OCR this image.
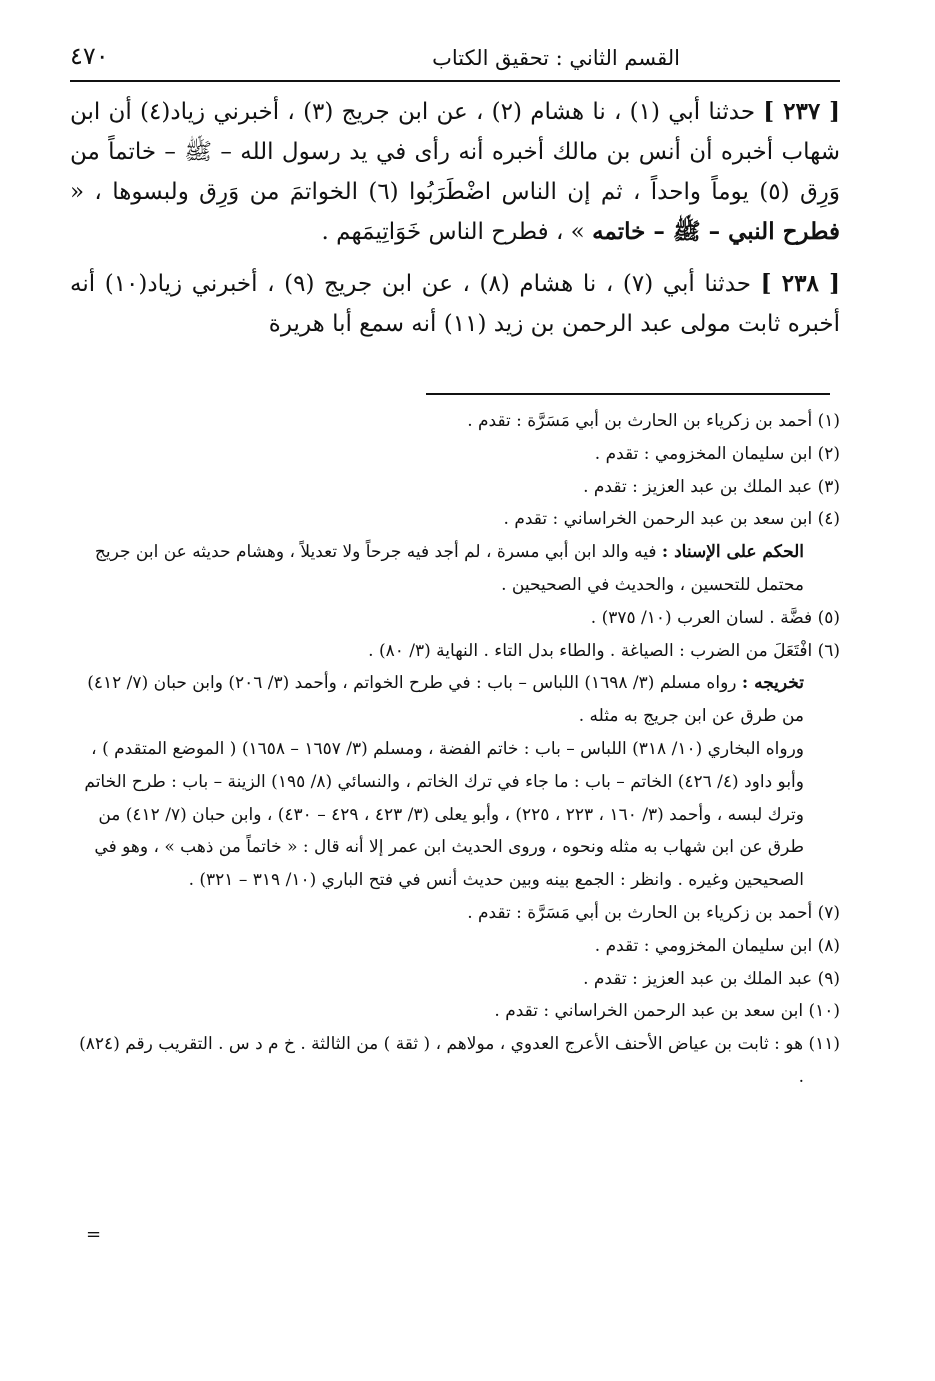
القسم الثاني : تحقيق الكتاب
٤٧٠

[ ٢٣٧ ] حدثنا أبي (١) ، نا هشام (٢) ، عن ابن جريج (٣) ، أخبرني زياد(٤) أن ابن شهاب أخبره أن أنس بن مالك أخبره أنه رأى في يد رسول الله – ﷺ – خاتماً من وَرِق (٥) يوماً واحداً ، ثم إن الناس اضْطَرَبُوا (٦) الخواتمَ من وَرِق ولبسوها ، « فطرح النبي – ﷺ – خاتمه » ، فطرح الناس خَوَاتِيمَهم .

[ ٢٣٨ ] حدثنا أبي (٧) ، نا هشام (٨) ، عن ابن جريج (٩) ، أخبرني زياد(١٠) أنه أخبره ثابت مولى عبد الرحمن بن زيد (١١) أنه سمع أبا هريرة

(١) أحمد بن زكرياء بن الحارث بن أبي مَسَرَّة : تقدم .

(٢) ابن سليمان المخزومي : تقدم .

(٣) عبد الملك بن عبد العزيز : تقدم .

(٤) ابن سعد بن عبد الرحمن الخراساني : تقدم .

الحكم على الإسناد : فيه والد ابن أبي مسرة ، لم أجد فيه جرحاً ولا تعديلاً ، وهشام حديثه عن ابن جريج محتمل للتحسين ، والحديث في الصحيحين .

(٥) فضَّة . لسان العرب (١٠/ ٣٧٥) .

(٦) افْتَعَلَ من الضرب : الصياغة . والطاء بدل التاء . النهاية (٣/ ٨٠) .

تخريجه : رواه مسلم (٣/ ١٦٩٨) اللباس – باب : في طرح الخواتم ، وأحمد (٣/ ٢٠٦) وابن حبان (٧/ ٤١٢) من طرق عن ابن جريج به مثله .

ورواه البخاري (١٠/ ٣١٨) اللباس – باب : خاتم الفضة ، ومسلم (٣/ ١٦٥٧ – ١٦٥٨) ( الموضع المتقدم ) ، وأبو داود (٤/ ٤٢٦) الخاتم – باب : ما جاء في ترك الخاتم ، والنسائي (٨/ ١٩٥) الزينة – باب : طرح الخاتم وترك لبسه ، وأحمد (٣/ ١٦٠ ، ٢٢٣ ، ٢٢٥) ، وأبو يعلى (٣/ ٤٢٣ ، ٤٢٩ – ٤٣٠) ، وابن حبان (٧/ ٤١٢) من طرق عن ابن شهاب به مثله ونحوه ، وروى الحديث ابن عمر إلا أنه قال : « خاتماً من ذهب » ، وهو في الصحيحين وغيره . وانظر : الجمع بينه وبين حديث أنس في فتح الباري (١٠/ ٣١٩ – ٣٢١) .

(٧) أحمد بن زكرياء بن الحارث بن أبي مَسَرَّة : تقدم .

(٨) ابن سليمان المخزومي : تقدم .

(٩) عبد الملك بن عبد العزيز : تقدم .

(١٠) ابن سعد بن عبد الرحمن الخراساني : تقدم .

(١١) هو : ثابت بن عياض الأحنف الأعرج العدوي ، مولاهم ، ( ثقة ) من الثالثة . خ م د س . التقريب رقم (٨٢٤) .

=
